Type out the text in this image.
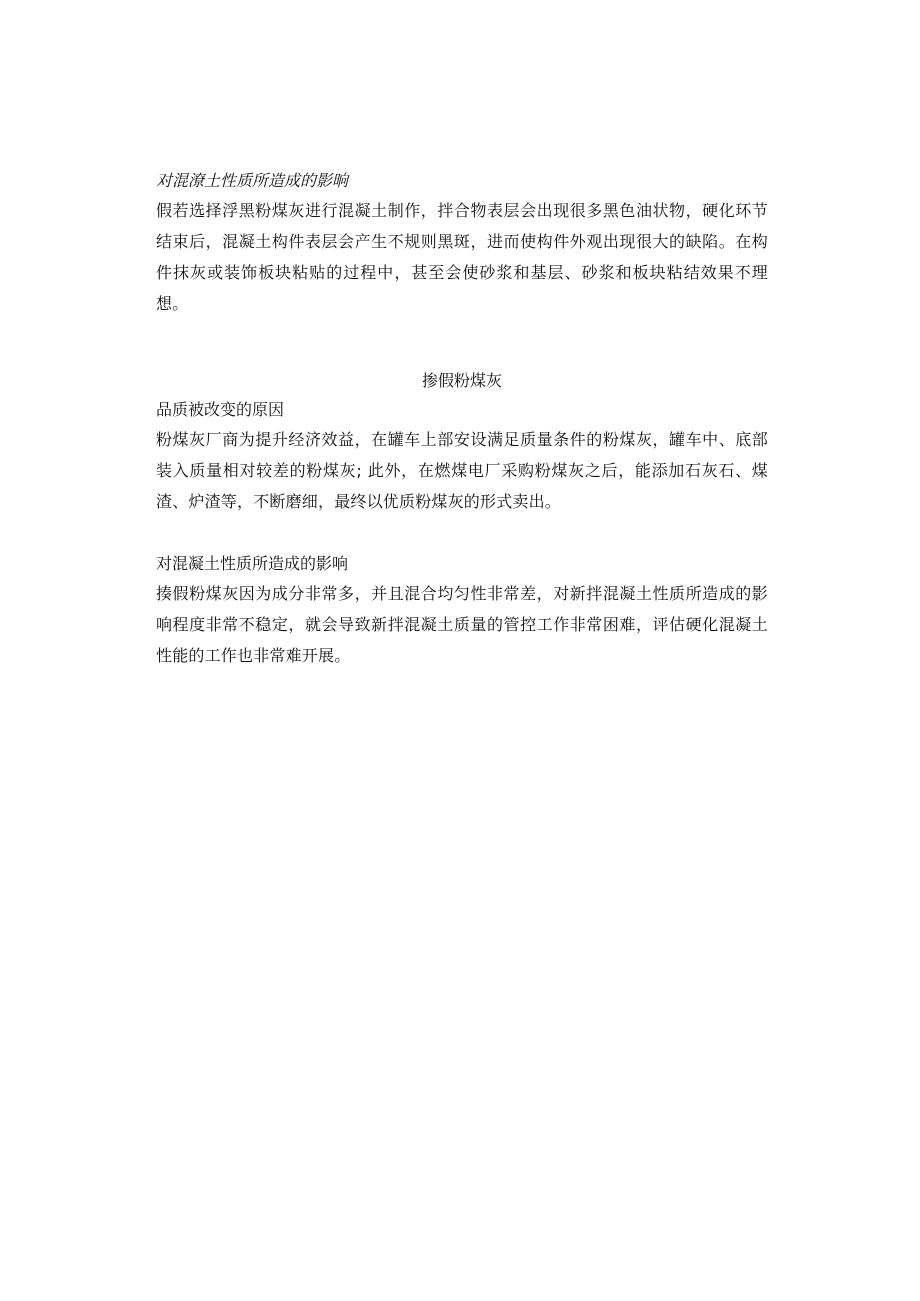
对混潦土性质所造成的影晌

假若选择浮黑粉煤灰进行混凝土制作，拌合物表层会出现很多黑色油状物，硬化环节结束后，混凝土构件表层会产生不规则黑斑，进而使构件外观出现很大的缺陷。在构件抹灰或装饰板块粘贴的过程中，甚至会使砂浆和基层、砂浆和板块粘结效果不理想。

掺假粉煤灰

品质被改变的原因

粉煤灰厂商为提升经济效益，在罐车上部安设满足质量条件的粉煤灰，罐车中、底部装入质量相对较差的粉煤灰; 此外，在燃煤电厂采购粉煤灰之后，能添加石灰石、煤渣、炉渣等，不断磨细，最终以优质粉煤灰的形式卖出。

对混凝土性质所造成的影响

揍假粉煤灰因为成分非常多，并且混合均匀性非常差，对新拌混凝土性质所造成的影响程度非常不稳定，就会导致新拌混凝土质量的管控工作非常困难，评估硬化混凝土性能的工作也非常难开展。
